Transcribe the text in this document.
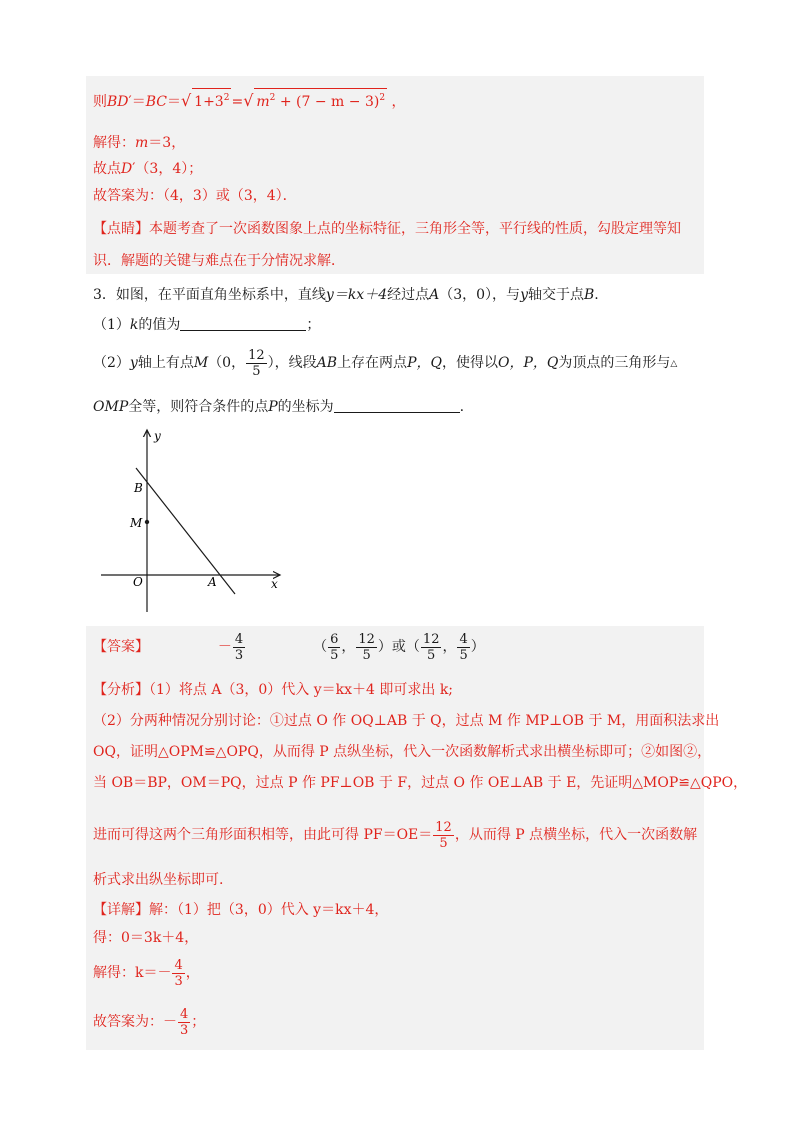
则BD′＝BC＝√ $1+3^2$ =√ $m^2 + (7 - m - 3)^2$ ，
解得：m＝3，
故点D′（3，4）；
故答案为：（4，3）或（3，4）．
【点睛】本题考查了一次函数图象上点的坐标特征，三角形全等，平行线的性质，勾股定理等知
识．解题的关键与难点在于分情况求解．
3．如图，在平面直角坐标系中，直线y＝kx＋4经过点A（3，0），与y轴交于点B.
（1）k的值为	；
（2）y轴上有点M（0， $\frac{12}{5}$ ），线段AB上存在两点P，Q，使得以O，P，Q为顶点的三角形与△
OMP全等，则符合条件的点P的坐标为	.
y
x
B
M
O	A
【答案】	－ $\frac{4}{3}$	（ $\frac{6}{5}$ ， $\frac{12}{5}$ ）或（ $\frac{12}{5}$ ， $\frac{4}{5}$ ）
【分析】（1）将点 A（3，0）代入 y＝kx＋4 即可求出 k;
（2）分两种情况分别讨论：①过点 O 作 OQ⊥AB 于 Q，过点 M 作 MP⊥OB 于 M，用面积法求出
OQ，证明△OPM≌△OPQ，从而得 P 点纵坐标，代入一次函数解析式求出横坐标即可；②如图②，
当 OB＝BP，OM＝PQ，过点 P 作 PF⊥OB 于 F，过点 O 作 OE⊥AB 于 E，先证明△MOP≌△QPO，
进而可得这两个三角形面积相等，由此可得 $PF=OE= \frac{12}{5}$ ，从而得 P 点横坐标，代入一次函数解
析式求出纵坐标即可.
【详解】解：（1）把（3，0）代入 y＝kx＋4，
得：0＝3k＋4，
解得：$k=- \frac{4}{3}$ ，
故答案为：－ $\frac{4}{3}$ ；
